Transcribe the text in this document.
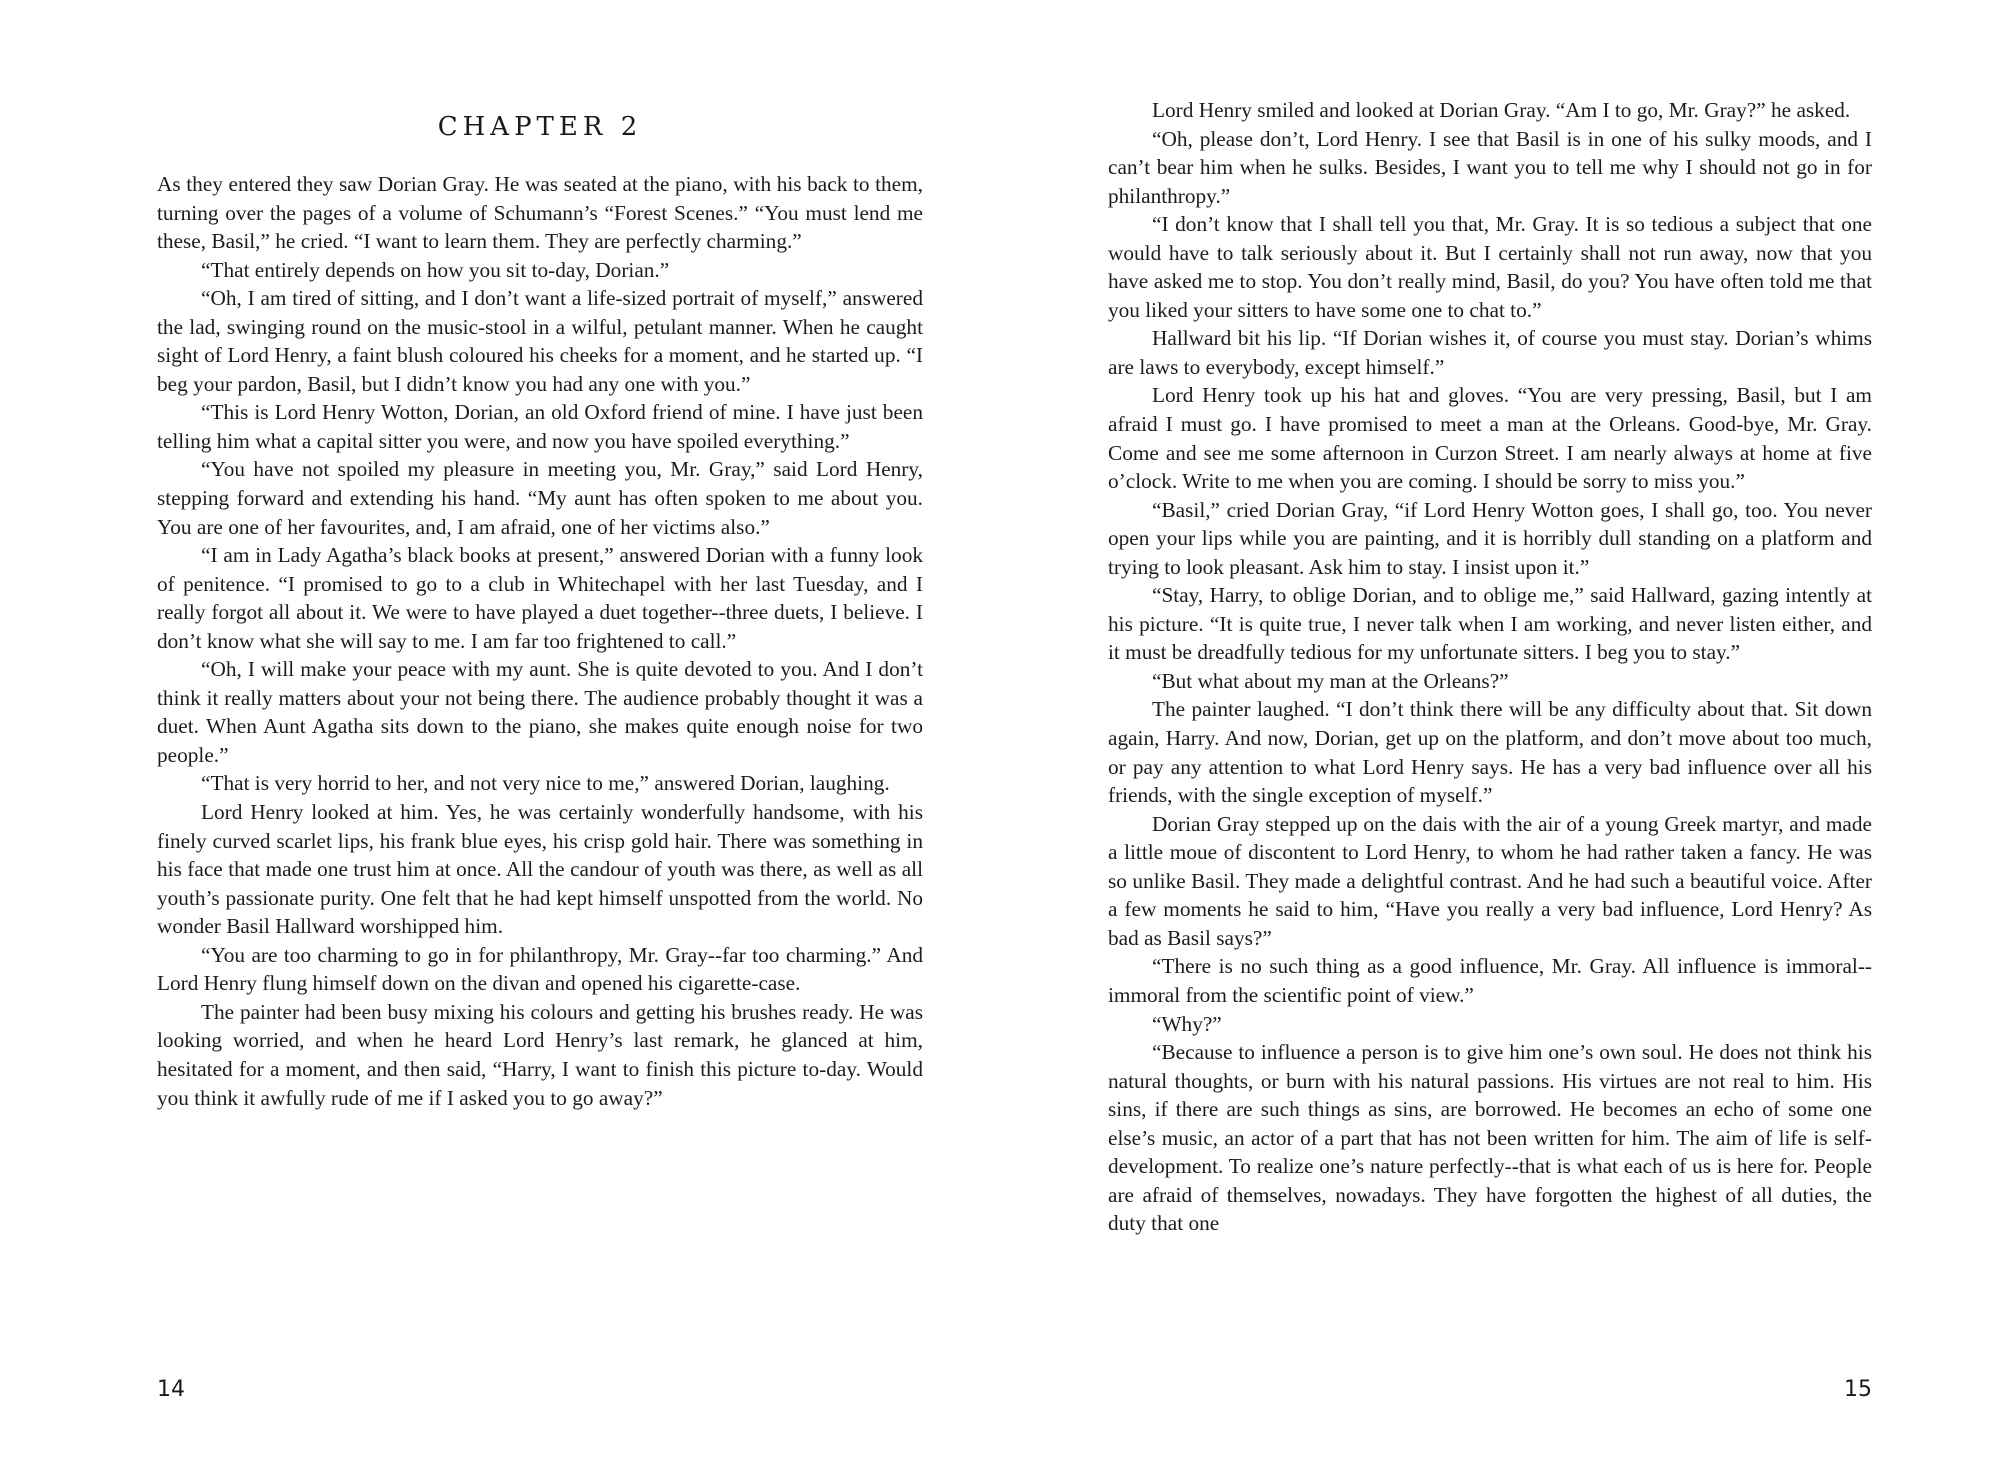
CHAPTER 2

As they entered they saw Dorian Gray. He was seated at the piano, with his back to them, turning over the pages of a volume of Schumann’s “Forest Scenes.” “You must lend me these, Basil,” he cried. “I want to learn them. They are perfectly charming.”

“That entirely depends on how you sit to-day, Dorian.”

“Oh, I am tired of sitting, and I don’t want a life-sized portrait of myself,” answered the lad, swinging round on the music-stool in a wilful, petulant manner. When he caught sight of Lord Henry, a faint blush coloured his cheeks for a moment, and he started up. “I beg your pardon, Basil, but I didn’t know you had any one with you.”

“This is Lord Henry Wotton, Dorian, an old Oxford friend of mine. I have just been telling him what a capital sitter you were, and now you have spoiled everything.”

“You have not spoiled my pleasure in meeting you, Mr. Gray,” said Lord Henry, stepping forward and extending his hand. “My aunt has often spoken to me about you. You are one of her favourites, and, I am afraid, one of her victims also.”

“I am in Lady Agatha’s black books at present,” answered Dorian with a funny look of penitence. “I promised to go to a club in Whitechapel with her last Tuesday, and I really forgot all about it. We were to have played a duet together--three duets, I believe. I don’t know what she will say to me. I am far too frightened to call.”

“Oh, I will make your peace with my aunt. She is quite devoted to you. And I don’t think it really matters about your not being there. The audience probably thought it was a duet. When Aunt Agatha sits down to the piano, she makes quite enough noise for two people.”

“That is very horrid to her, and not very nice to me,” answered Dorian, laughing.

Lord Henry looked at him. Yes, he was certainly wonderfully handsome, with his finely curved scarlet lips, his frank blue eyes, his crisp gold hair. There was something in his face that made one trust him at once. All the candour of youth was there, as well as all youth’s passionate purity. One felt that he had kept himself unspotted from the world. No wonder Basil Hallward worshipped him.

“You are too charming to go in for philanthropy, Mr. Gray--far too charming.” And Lord Henry flung himself down on the divan and opened his cigarette-case.

The painter had been busy mixing his colours and getting his brushes ready. He was looking worried, and when he heard Lord Henry’s last remark, he glanced at him, hesitated for a moment, and then said, “Harry, I want to finish this picture to-day. Would you think it awfully rude of me if I asked you to go away?”

14

Lord Henry smiled and looked at Dorian Gray. “Am I to go, Mr. Gray?” he asked.

“Oh, please don’t, Lord Henry. I see that Basil is in one of his sulky moods, and I can’t bear him when he sulks. Besides, I want you to tell me why I should not go in for philanthropy.”

“I don’t know that I shall tell you that, Mr. Gray. It is so tedious a subject that one would have to talk seriously about it. But I certainly shall not run away, now that you have asked me to stop. You don’t really mind, Basil, do you? You have often told me that you liked your sitters to have some one to chat to.”

Hallward bit his lip. “If Dorian wishes it, of course you must stay. Dorian’s whims are laws to everybody, except himself.”

Lord Henry took up his hat and gloves. “You are very pressing, Basil, but I am afraid I must go. I have promised to meet a man at the Orleans. Good-bye, Mr. Gray. Come and see me some afternoon in Curzon Street. I am nearly always at home at five o’clock. Write to me when you are coming. I should be sorry to miss you.”

“Basil,” cried Dorian Gray, “if Lord Henry Wotton goes, I shall go, too. You never open your lips while you are painting, and it is horribly dull standing on a platform and trying to look pleasant. Ask him to stay. I insist upon it.”

“Stay, Harry, to oblige Dorian, and to oblige me,” said Hallward, gazing intently at his picture. “It is quite true, I never talk when I am working, and never listen either, and it must be dreadfully tedious for my unfortunate sitters. I beg you to stay.”

“But what about my man at the Orleans?”

The painter laughed. “I don’t think there will be any difficulty about that. Sit down again, Harry. And now, Dorian, get up on the platform, and don’t move about too much, or pay any attention to what Lord Henry says. He has a very bad influence over all his friends, with the single exception of myself.”

Dorian Gray stepped up on the dais with the air of a young Greek martyr, and made a little moue of discontent to Lord Henry, to whom he had rather taken a fancy. He was so unlike Basil. They made a delightful contrast. And he had such a beautiful voice. After a few moments he said to him, “Have you really a very bad influence, Lord Henry? As bad as Basil says?”

“There is no such thing as a good influence, Mr. Gray. All influence is immoral--immoral from the scientific point of view.”

“Why?”

“Because to influence a person is to give him one’s own soul. He does not think his natural thoughts, or burn with his natural passions. His virtues are not real to him. His sins, if there are such things as sins, are borrowed. He becomes an echo of some one else’s music, an actor of a part that has not been written for him. The aim of life is self-development. To realize one’s nature perfectly--that is what each of us is here for. People are afraid of themselves, nowadays. They have forgotten the highest of all duties, the duty that one

15
